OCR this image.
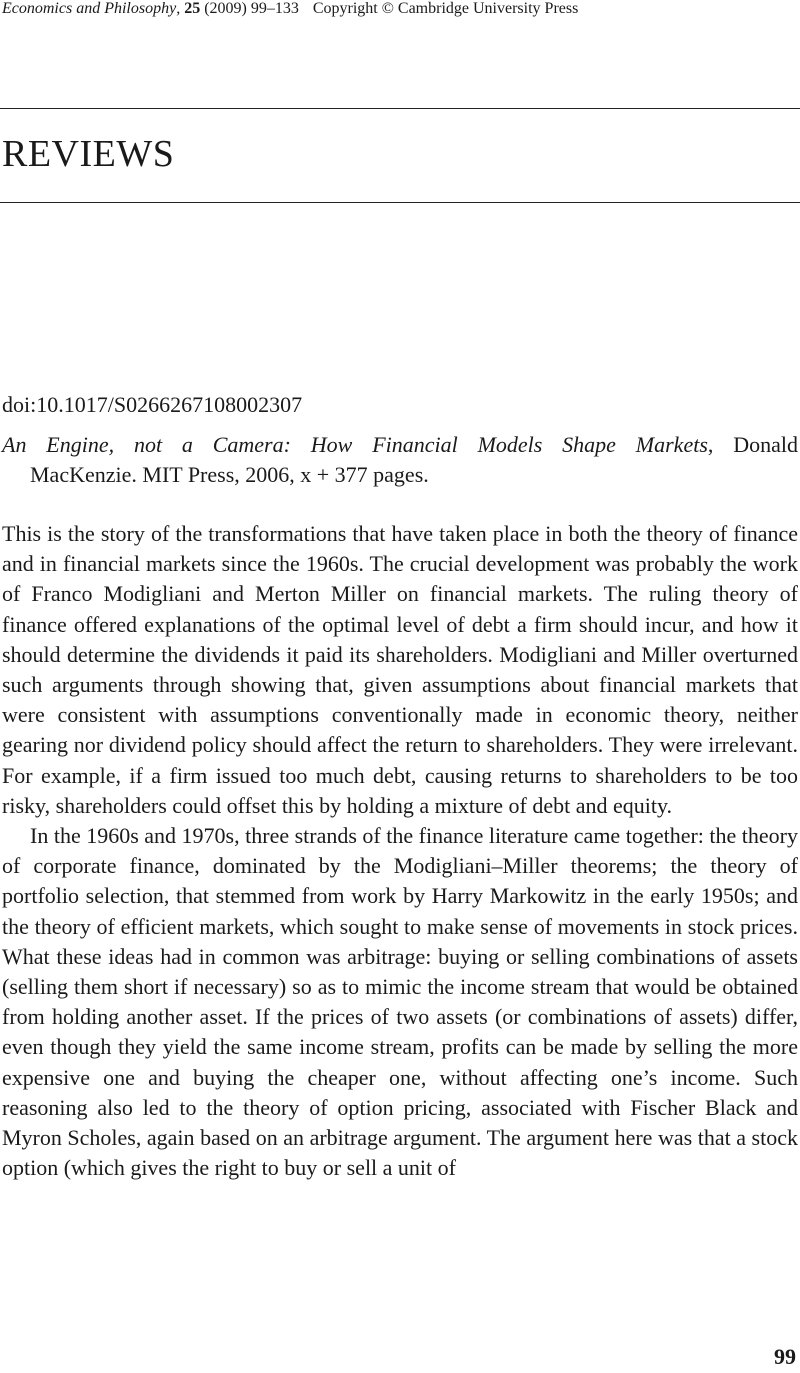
Economics and Philosophy, 25 (2009) 99–133 Copyright © Cambridge University Press
REVIEWS
doi:10.1017/S0266267108002307
An Engine, not a Camera: How Financial Models Shape Markets, Donald
MacKenzie. MIT Press, 2006, x + 377 pages.

This is the story of the transformations that have taken place in both the theory of finance and in financial markets since the 1960s. The crucial development was probably the work of Franco Modigliani and Merton Miller on financial markets. The ruling theory of finance offered explanations of the optimal level of debt a firm should incur, and how it should determine the dividends it paid its shareholders. Modigliani and Miller overturned such arguments through showing that, given assumptions about financial markets that were consistent with assumptions conventionally made in economic theory, neither gearing nor dividend policy should affect the return to shareholders. They were irrelevant. For example, if a firm issued too much debt, causing returns to shareholders to be too risky, shareholders could offset this by holding a mixture of debt and equity.

In the 1960s and 1970s, three strands of the finance literature came together: the theory of corporate finance, dominated by the Modigliani–Miller theorems; the theory of portfolio selection, that stemmed from work by Harry Markowitz in the early 1950s; and the theory of efficient markets, which sought to make sense of movements in stock prices. What these ideas had in common was arbitrage: buying or selling combinations of assets (selling them short if necessary) so as to mimic the income stream that would be obtained from holding another asset. If the prices of two assets (or combinations of assets) differ, even though they yield the same income stream, profits can be made by selling the more expensive one and buying the cheaper one, without affecting one’s income. Such reasoning also led to the theory of option pricing, associated with Fischer Black and Myron Scholes, again based on an arbitrage argument. The argument here was that a stock option (which gives the right to buy or sell a unit of

99
